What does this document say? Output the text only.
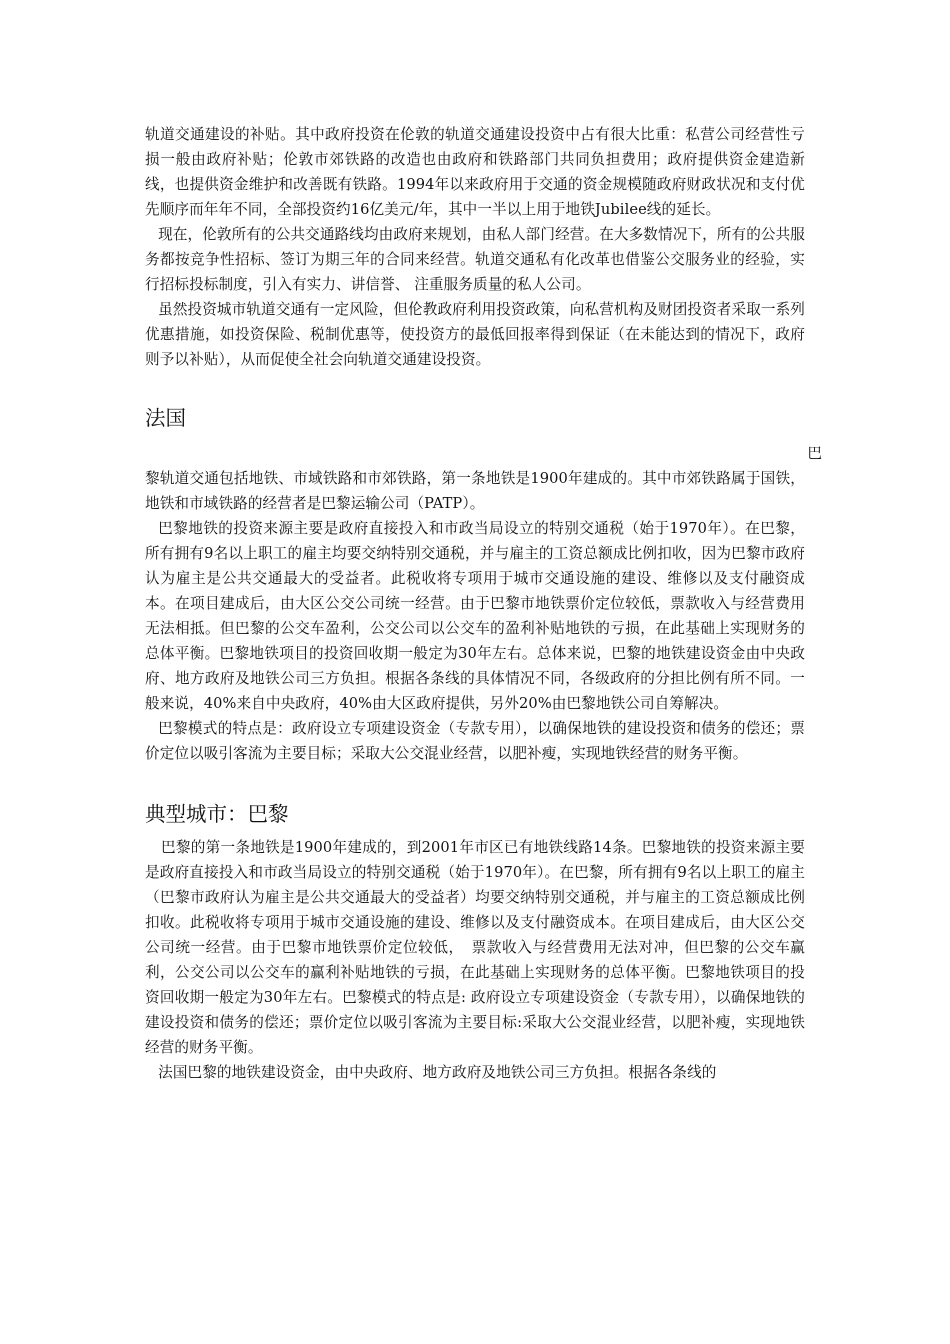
轨道交通建设的补贴。其中政府投资在伦敦的轨道交通建设投资中占有很大比重：私营公司经营性亏损一般由政府补贴；伦敦市郊铁路的改造也由政府和铁路部门共同负担费用；政府提供资金建造新线，也提供资金维护和改善既有铁路。1994年以来政府用于交通的资金规模随政府财政状况和支付优先顺序而年年不同，全部投资约16亿美元/年，其中一半以上用于地铁Jubilee线的延长。

现在，伦敦所有的公共交通路线均由政府来规划，由私人部门经营。在大多数情况下，所有的公共服务都按竞争性招标、签订为期三年的合同来经营。轨道交通私有化改革也借鉴公交服务业的经验，实行招标投标制度，引入有实力、讲信誉、 注重服务质量的私人公司。

虽然投资城市轨道交通有一定风险，但伦教政府利用投资政策，向私营机构及财团投资者采取一系列优惠措施，如投资保险、税制优惠等，使投资方的最低回报率得到保证（在未能达到的情况下，政府则予以补贴），从而促使全社会向轨道交通建设投资。

法国
巴

黎轨道交通包括地铁、市域铁路和市郊铁路，第一条地铁是1900年建成的。其中市郊铁路属于国铁，地铁和市域铁路的经营者是巴黎运输公司（PATP）。

巴黎地铁的投资来源主要是政府直接投入和市政当局设立的特别交通税（始于1970年）。在巴黎，所有拥有9名以上职工的雇主均要交纳特别交通税，并与雇主的工资总额成比例扣收，因为巴黎市政府认为雇主是公共交通最大的受益者。此税收将专项用于城市交通设施的建设、维修以及支付融资成本。在项目建成后，由大区公交公司统一经营。由于巴黎市地铁票价定位较低，票款收入与经营费用无法相抵。但巴黎的公交车盈利，公交公司以公交车的盈利补贴地铁的亏损，在此基础上实现财务的总体平衡。巴黎地铁项目的投资回收期一般定为30年左右。总体来说，巴黎的地铁建设资金由中央政府、地方政府及地铁公司三方负担。根据各条线的具体情况不同，各级政府的分担比例有所不同。一般来说，40%来自中央政府，40%由大区政府提供，另外20%由巴黎地铁公司自筹解决。

巴黎模式的特点是：政府设立专项建设资金（专款专用），以确保地铁的建设投资和债务的偿还；票价定位以吸引客流为主要目标；采取大公交混业经营，以肥补瘦，实现地铁经营的财务平衡。

典型城市：巴黎

巴黎的第一条地铁是1900年建成的，到2001年市区已有地铁线路14条。巴黎地铁的投资来源主要是政府直接投入和市政当局设立的特别交通税（始于1970年）。在巴黎，所有拥有9名以上职工的雇主（巴黎市政府认为雇主是公共交通最大的受益者）均要交纳特别交通税，并与雇主的工资总额成比例扣收。此税收将专项用于城市交通设施的建设、维修以及支付融资成本。在项目建成后，由大区公交公司统一经营。由于巴黎市地铁票价定位较低，　票款收入与经营费用无法对冲，但巴黎的公交车赢利，公交公司以公交车的赢利补贴地铁的亏损，在此基础上实现财务的总体平衡。巴黎地铁项目的投资回收期一般定为30年左右。巴黎模式的特点是: 政府设立专项建设资金（专款专用），以确保地铁的建设投资和债务的偿还；票价定位以吸引客流为主要目标:采取大公交混业经营，以肥补瘦，实现地铁经营的财务平衡。

法国巴黎的地铁建设资金，由中央政府、地方政府及地铁公司三方负担。根据各条线的
